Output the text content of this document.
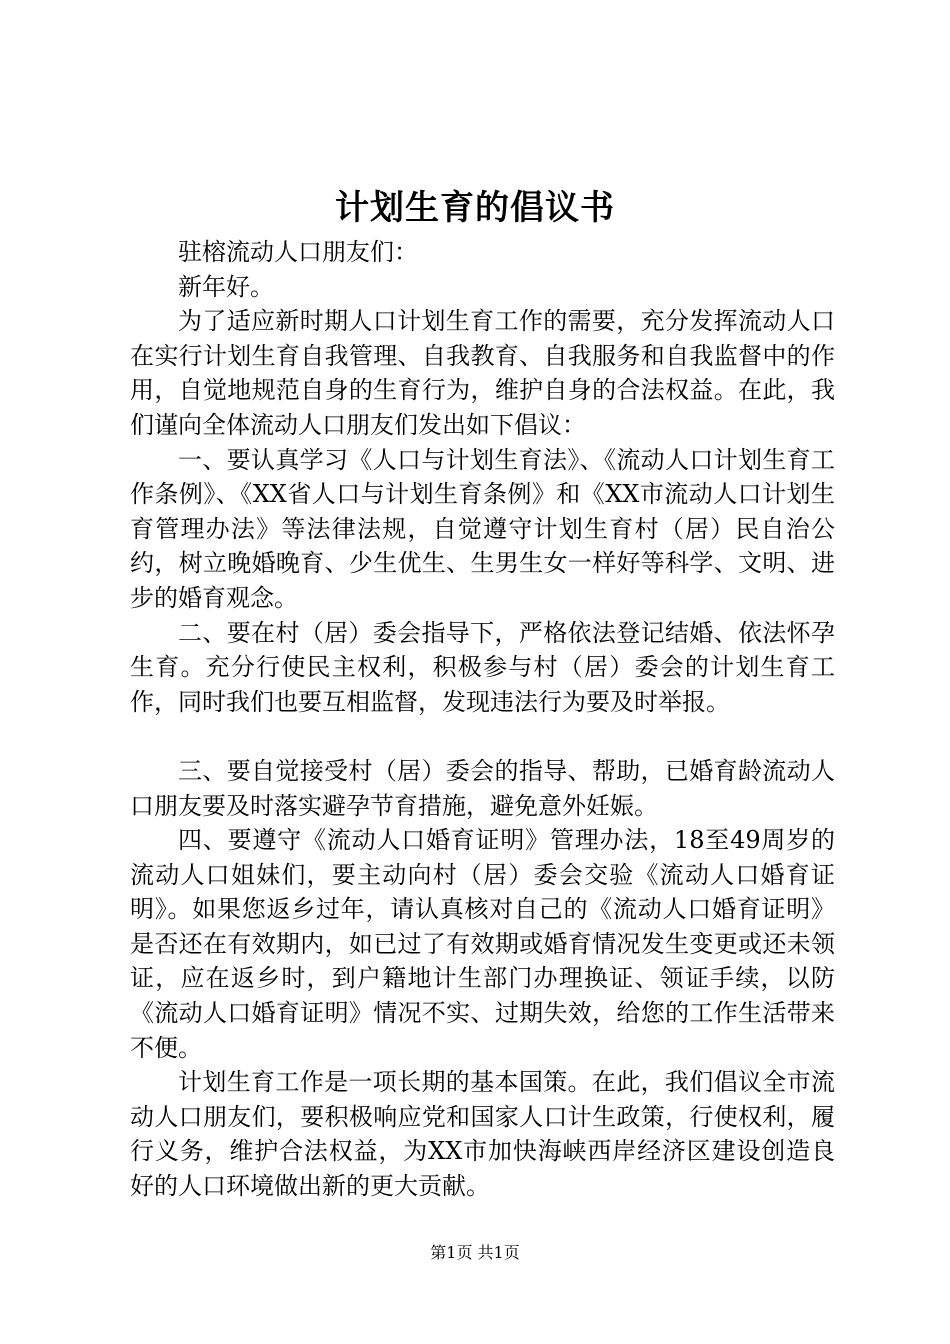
计划生育的倡议书

驻榕流动人口朋友们：

新年好。

为了适应新时期人口计划生育工作的需要，充分发挥流动人口在实行计划生育自我管理、自我教育、自我服务和自我监督中的作用，自觉地规范自身的生育行为，维护自身的合法权益。在此，我们谨向全体流动人口朋友们发出如下倡议：

一、要认真学习《人口与计划生育法》、《流动人口计划生育工作条例》、《XX省人口与计划生育条例》和《XX市流动人口计划生育管理办法》等法律法规，自觉遵守计划生育村（居）民自治公约，树立晚婚晚育、少生优生、生男生女一样好等科学、文明、进步的婚育观念。

二、要在村（居）委会指导下，严格依法登记结婚、依法怀孕生育。充分行使民主权利，积极参与村（居）委会的计划生育工作，同时我们也要互相监督，发现违法行为要及时举报。

三、要自觉接受村（居）委会的指导、帮助，已婚育龄流动人口朋友要及时落实避孕节育措施，避免意外妊娠。

四、要遵守《流动人口婚育证明》管理办法，18至49周岁的流动人口姐妹们，要主动向村（居）委会交验《流动人口婚育证明》。如果您返乡过年，请认真核对自己的《流动人口婚育证明》是否还在有效期内，如已过了有效期或婚育情况发生变更或还未领证，应在返乡时，到户籍地计生部门办理换证、领证手续，以防《流动人口婚育证明》情况不实、过期失效，给您的工作生活带来不便。

计划生育工作是一项长期的基本国策。在此，我们倡议全市流动人口朋友们，要积极响应党和国家人口计生政策，行使权利，履行义务，维护合法权益，为XX市加快海峡西岸经济区建设创造良好的人口环境做出新的更大贡献。

第1页 共1页
